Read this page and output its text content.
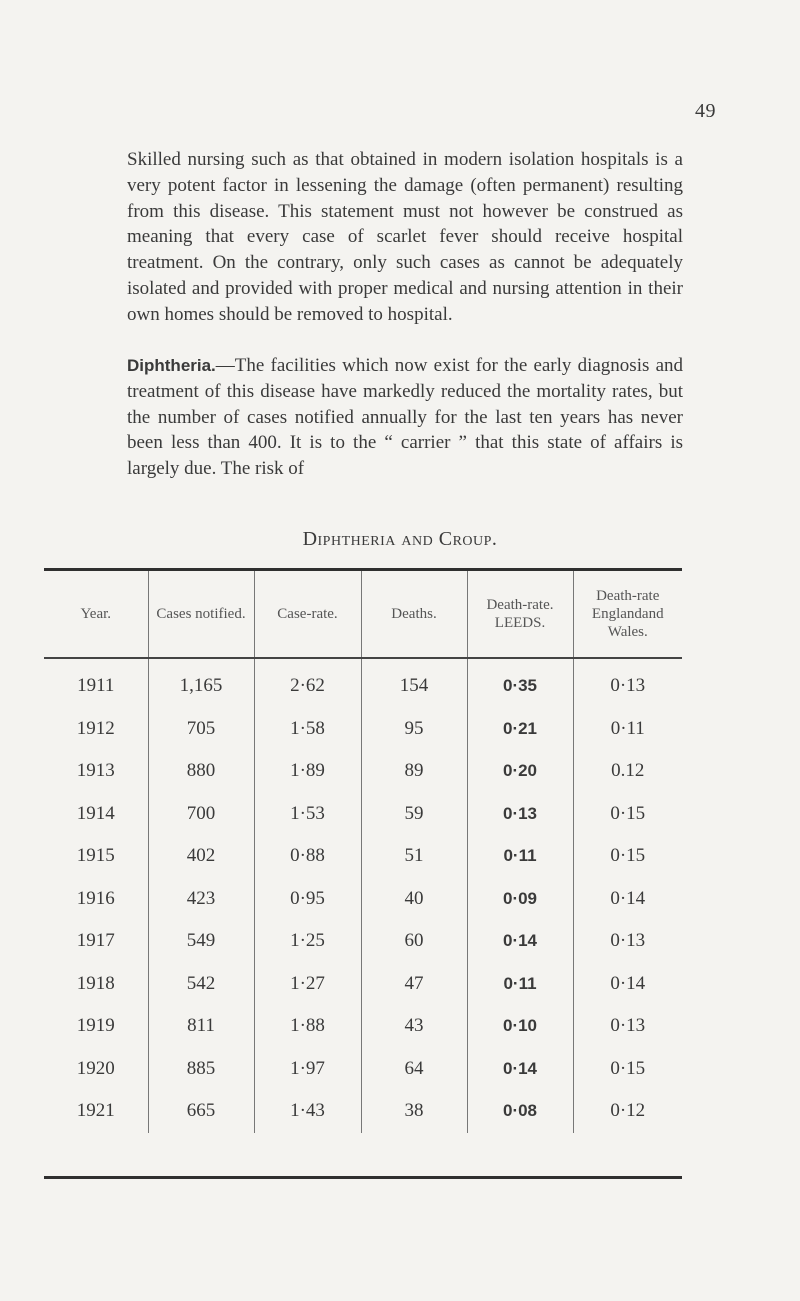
49

Skilled nursing such as that obtained in modern isolation hospitals is a very potent factor in lessening the damage (often permanent) resulting from this disease. This statement must not however be construed as meaning that every case of scarlet fever should receive hospital treatment. On the contrary, only such cases as cannot be adequately isolated and provided with proper medical and nursing attention in their own homes should be removed to hospital.

Diphtheria.—The facilities which now exist for the early diagnosis and treatment of this disease have markedly reduced the mortality rates, but the number of cases notified annually for the last ten years has never been less than 400. It is to the “ carrier ” that this state of affairs is largely due. The risk of

Diphtheria and Croup.
Year.	Cases notified.	Case-rate.	Deaths.	Death-rate. LEEDS.	Death-rate Englandand Wales.
1911	1,165	2·62	154	0·35	0·13
1912	705	1·58	95	0·21	0·11
1913	880	1·89	89	0·20	0.12
1914	700	1·53	59	0·13	0·15
1915	402	0·88	51	0·11	0·15
1916	423	0·95	40	0·09	0·14
1917	549	1·25	60	0·14	0·13
1918	542	1·27	47	0·11	0·14
1919	811	1·88	43	0·10	0·13
1920	885	1·97	64	0·14	0·15
1921	665	1·43	38	0·08	0·12
